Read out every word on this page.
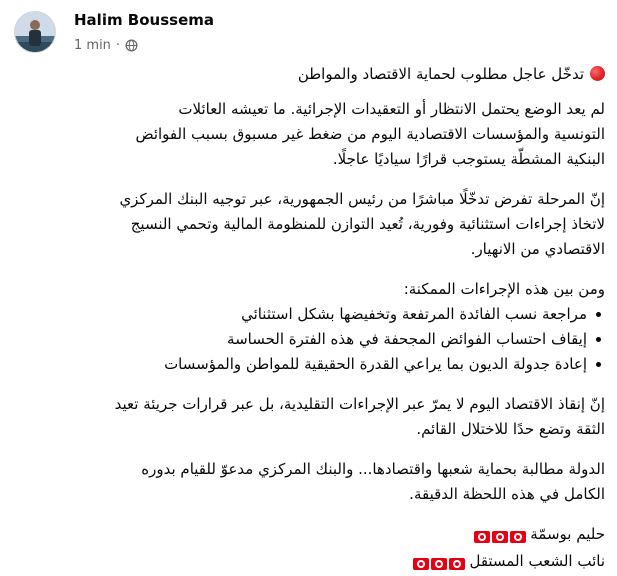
Halim Boussema
1 min ·

تدخّل عاجل مطلوب لحماية الاقتصاد والمواطن

لم يعد الوضع يحتمل الانتظار أو التعقيدات الإجرائية. ما تعيشه العائلات
التونسية والمؤسسات الاقتصادية اليوم من ضغط غير مسبوق بسبب الفوائض
البنكية المشطّة يستوجب قرارًا سياديًا عاجلًا.

إنّ المرحلة تفرض تدخّلًا مباشرًا من رئيس الجمهورية، عبر توجيه البنك المركزي
لاتخاذ إجراءات استثنائية وفورية، تُعيد التوازن للمنظومة المالية وتحمي النسيج
الاقتصادي من الانهيار.

ومن بين هذه الإجراءات الممكنة:

مراجعة نسب الفائدة المرتفعة وتخفيضها بشكل استثنائي
إيقاف احتساب الفوائض المجحفة في هذه الفترة الحساسة
إعادة جدولة الديون بما يراعي القدرة الحقيقية للمواطن والمؤسسات

إنّ إنقاذ الاقتصاد اليوم لا يمرّ عبر الإجراءات التقليدية، بل عبر قرارات جريئة تعيد
الثقة وتضع حدًا للاختلال القائم.

الدولة مطالبة بحماية شعبها واقتصادها... والبنك المركزي مدعوّ للقيام بدوره
الكامل في هذه اللحظة الدقيقة.

حليم بوسمّة
نائب الشعب المستقل
